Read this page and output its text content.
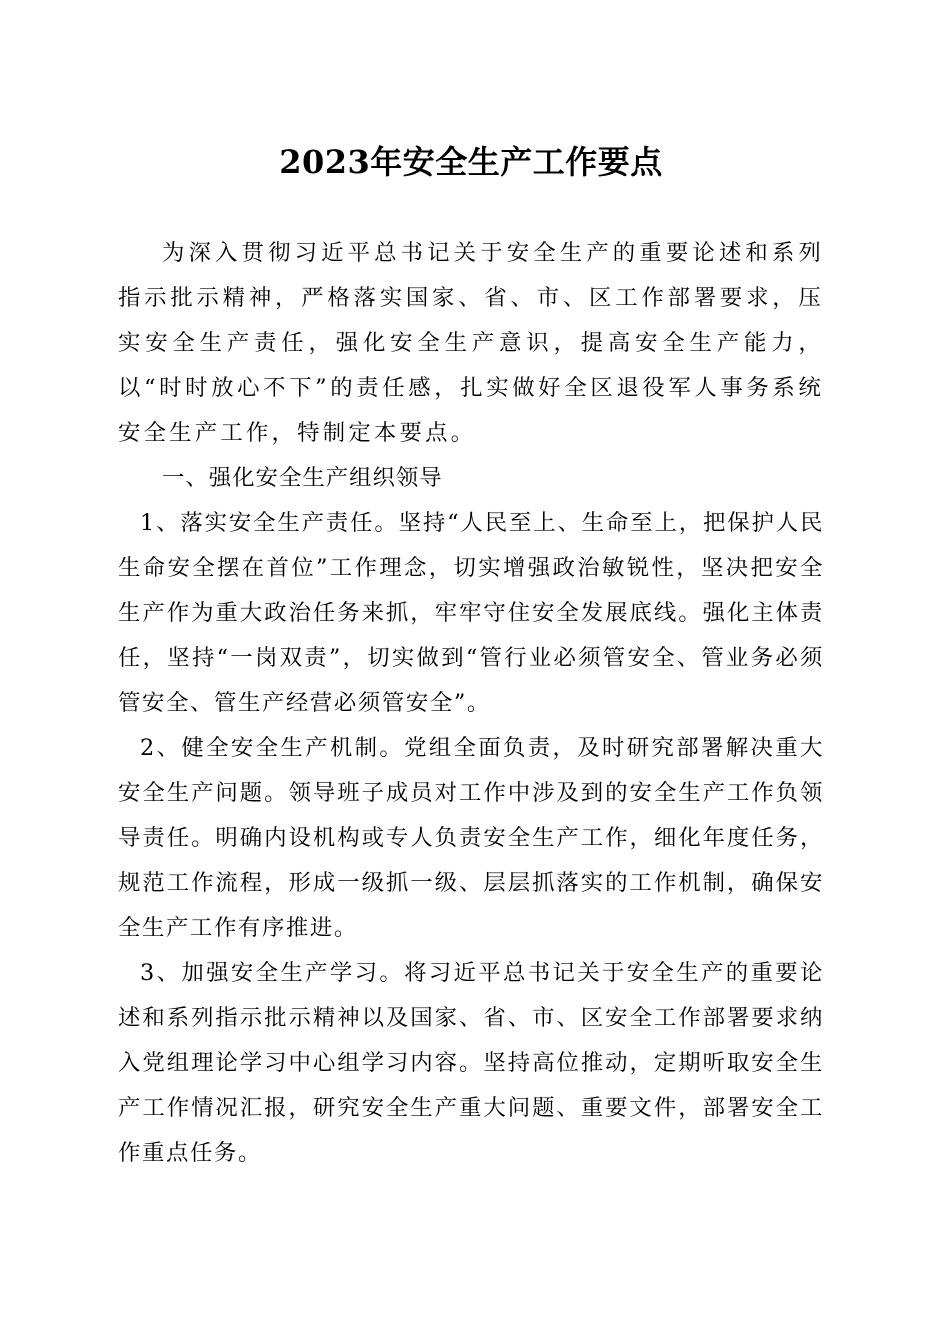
2023年安全生产工作要点

为深入贯彻习近平总书记关于安全生产的重要论述和系列指示批示精神，严格落实国家、省、市、区工作部署要求，压实安全生产责任，强化安全生产意识，提高安全生产能力，以“时时放心不下”的责任感，扎实做好全区退役军人事务系统安全生产工作，特制定本要点。

一、强化安全生产组织领导

1、落实安全生产责任。坚持“人民至上、生命至上，把保护人民生命安全摆在首位”工作理念，切实增强政治敏锐性，坚决把安全生产作为重大政治任务来抓，牢牢守住安全发展底线。强化主体责任，坚持“一岗双责”，切实做到“管行业必须管安全、管业务必须管安全、管生产经营必须管安全”。

2、健全安全生产机制。党组全面负责，及时研究部署解决重大安全生产问题。领导班子成员对工作中涉及到的安全生产工作负领导责任。明确内设机构或专人负责安全生产工作，细化年度任务，规范工作流程，形成一级抓一级、层层抓落实的工作机制，确保安全生产工作有序推进。

3、加强安全生产学习。将习近平总书记关于安全生产的重要论述和系列指示批示精神以及国家、省、市、区安全工作部署要求纳入党组理论学习中心组学习内容。坚持高位推动，定期听取安全生产工作情况汇报，研究安全生产重大问题、重要文件，部署安全工作重点任务。
